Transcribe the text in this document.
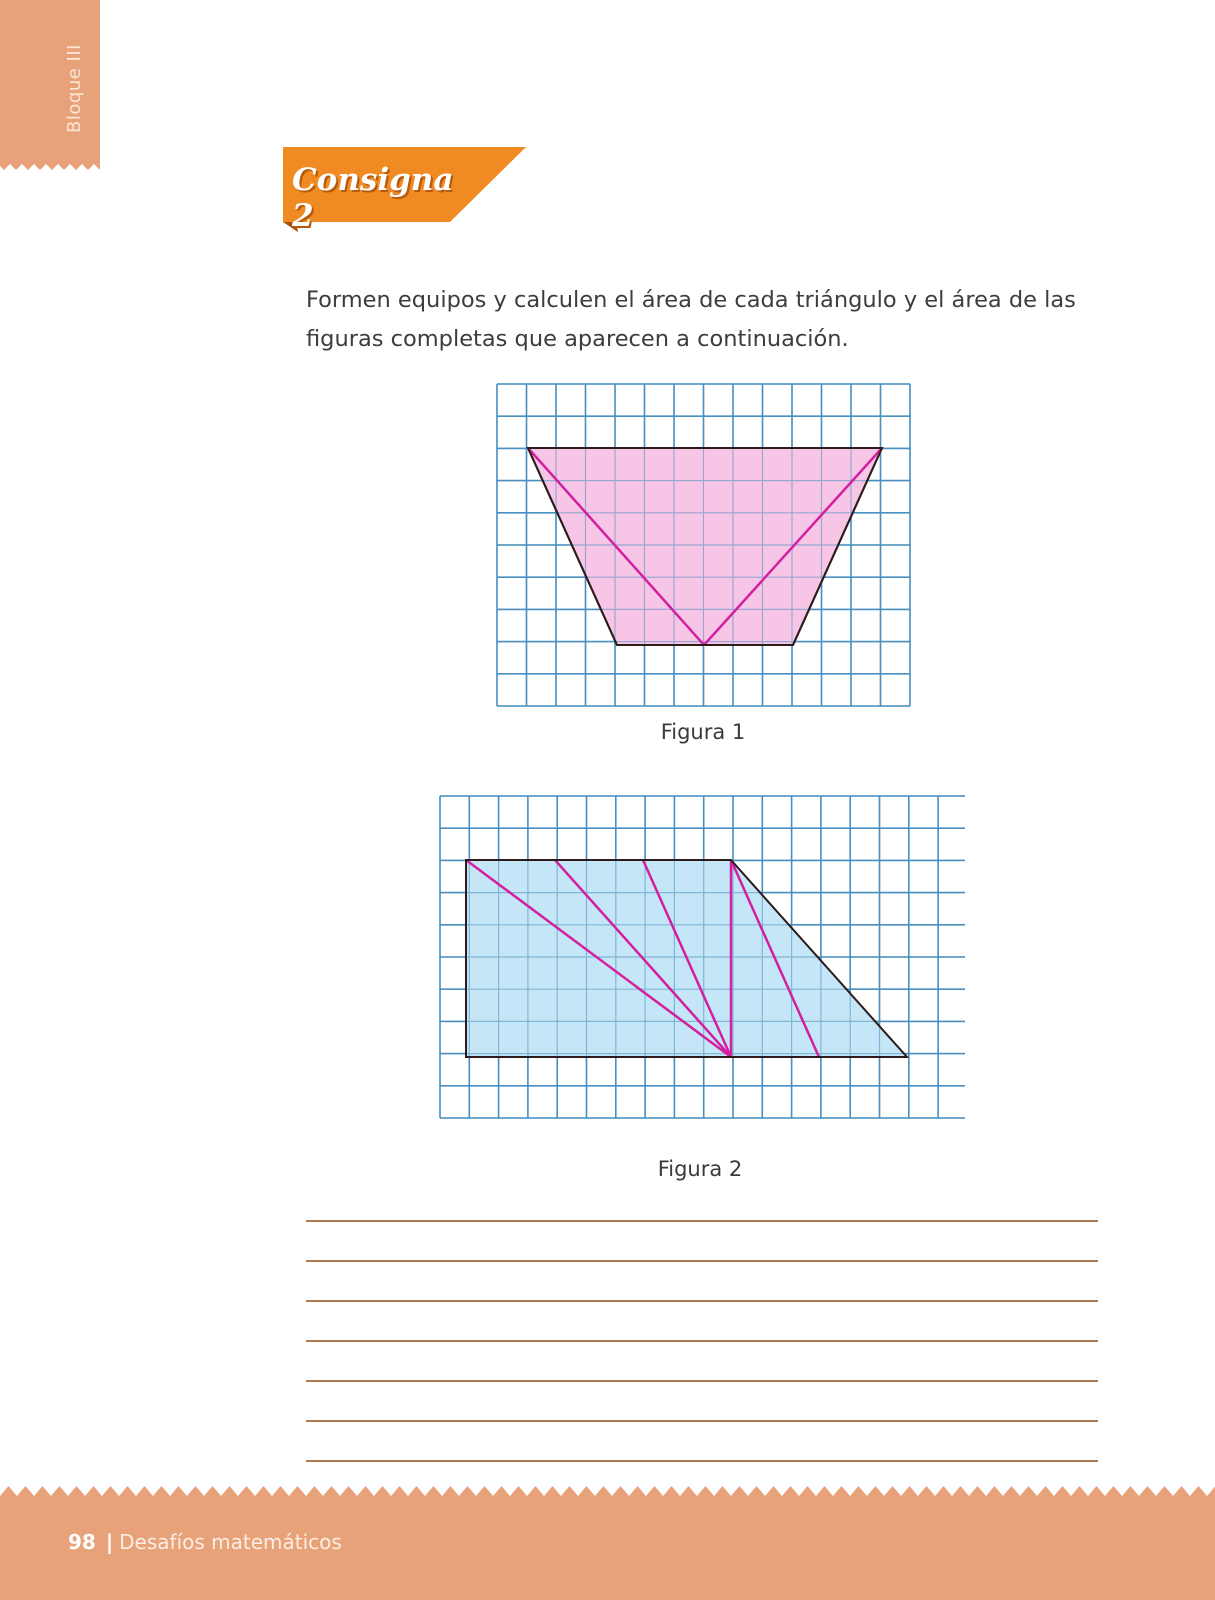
Bloque III
Consigna 2

Formen equipos y calculen el área de cada triángulo y el área de las figuras completas que aparecen a continuación.

Figura 1
Figura 2
98 | Desafíos matemáticos
